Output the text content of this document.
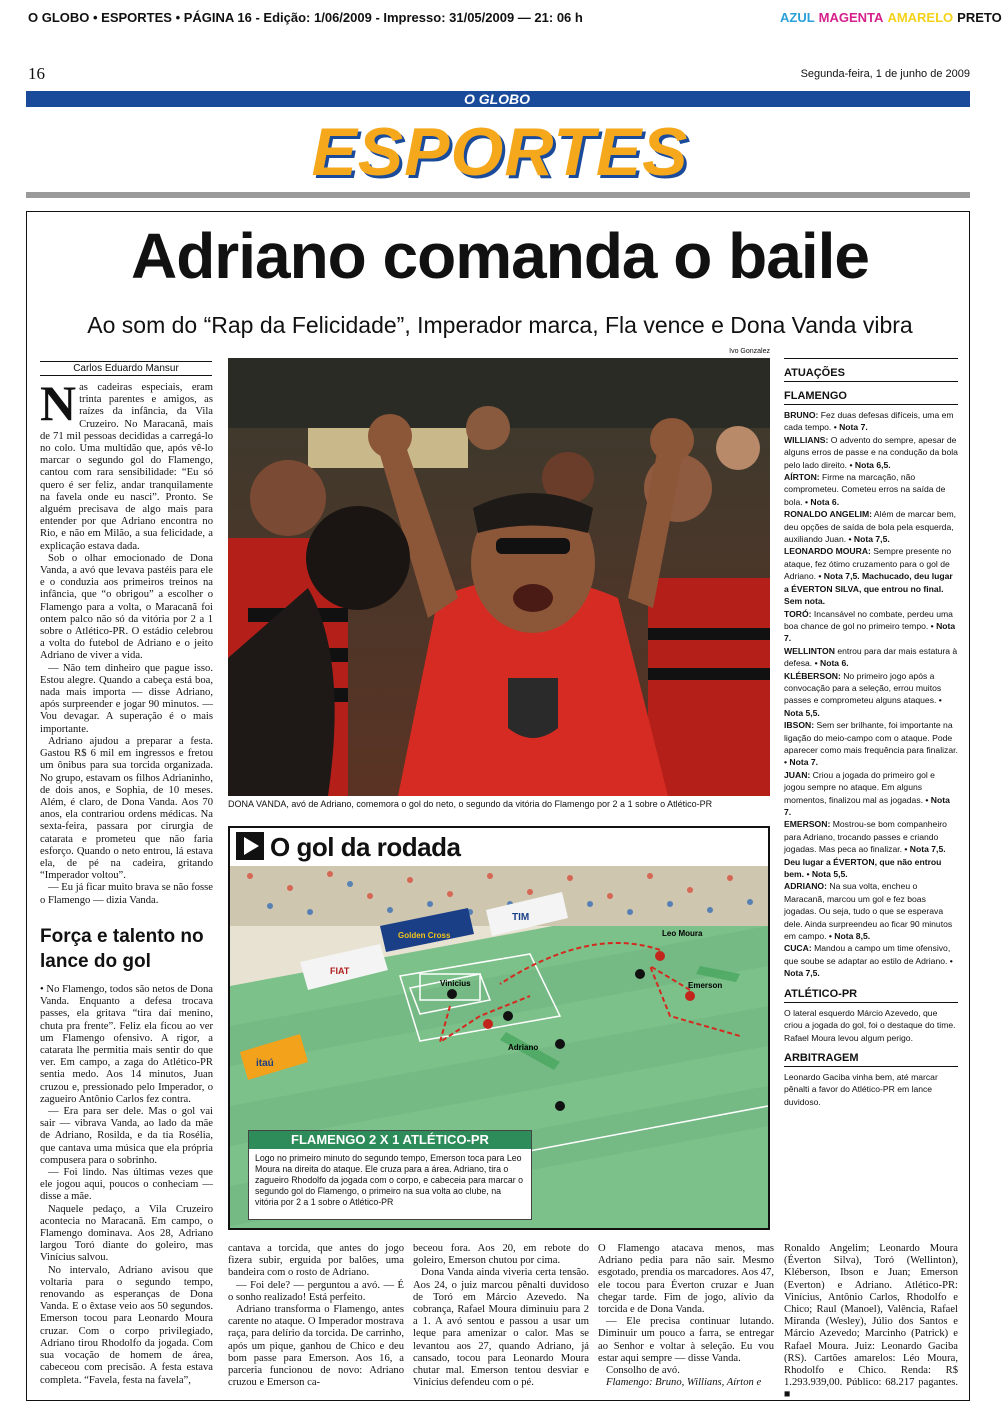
O GLOBO • ESPORTES • PÁGINA 16 - Edição: 1/06/2009 - Impresso: 31/05/2009 — 21: 06 h	AZUL MAGENTA AMARELO PRETO
16	Segunda-feira, 1 de junho de 2009
O GLOBO
ESPORTES
Adriano comanda o baile
Ao som do “Rap da Felicidade”, Imperador marca, Fla vence e Dona Vanda vibra
Ivo Gonzalez
DONA VANDA, avó de Adriano, comemora o gol do neto, o segundo da vitória do Flamengo por 2 a 1 sobre o Atlético-PR
Carlos Eduardo Mansur

Nas cadeiras especiais, eram trinta parentes e amigos, as raízes da infância, da Vila Cruzeiro. No Maracanã, mais de 71 mil pessoas decididas a carregá-lo no colo. Uma multidão que, após vê-lo marcar o segundo gol do Flamengo, cantou com rara sensibilidade: “Eu só quero é ser feliz, andar tranquilamente na favela onde eu nasci”. Pronto. Se alguém precisava de algo mais para entender por que Adriano encontra no Rio, e não em Milão, a sua felicidade, a explicação estava dada.

Sob o olhar emocionado de Dona Vanda, a avó que levava pastéis para ele e o conduzia aos primeiros treinos na infância, que “o obrigou” a escolher o Flamengo para a volta, o Maracanã foi ontem palco não só da vitória por 2 a 1 sobre o Atlético-PR. O estádio celebrou a volta do futebol de Adriano e o jeito Adriano de viver a vida.

— Não tem dinheiro que pague isso. Estou alegre. Quando a cabeça está boa, nada mais importa — disse Adriano, após surpreender e jogar 90 minutos. — Vou devagar. A superação é o mais importante.

Adriano ajudou a preparar a festa. Gastou R$ 6 mil em ingressos e fretou um ônibus para sua torcida organizada. No grupo, estavam os filhos Adrianinho, de dois anos, e Sophia, de 10 meses. Além, é claro, de Dona Vanda. Aos 70 anos, ela contrariou ordens médicas. Na sexta-feira, passara por cirurgia de catarata e prometeu que não faria esforço. Quando o neto entrou, lá estava ela, de pé na cadeira, gritando “Imperador voltou”.

— Eu já ficar muito brava se não fosse o Flamengo — dizia Vanda.

Força e talento no lance do gol

• No Flamengo, todos são netos de Dona Vanda. Enquanto a defesa trocava passes, ela gritava “tira daí menino, chuta pra frente”. Feliz ela ficou ao ver um Flamengo ofensivo. A rigor, a catarata lhe permitia mais sentir do que ver. Em campo, a zaga do Atlético-PR sentia medo. Aos 14 minutos, Juan cruzou e, pressionado pelo Imperador, o zagueiro Antônio Carlos fez contra.

— Era para ser dele. Mas o gol vai sair — vibrava Vanda, ao lado da mãe de Adriano, Rosilda, e da tia Rosélia, que cantava uma música que ela própria compusera para o sobrinho.

— Foi lindo. Nas últimas vezes que ele jogou aqui, poucos o conheciam — disse a mãe.

Naquele pedaço, a Vila Cruzeiro acontecia no Maracanã. Em campo, o Flamengo dominava. Aos 28, Adriano largou Toró diante do goleiro, mas Vinícius salvou.

No intervalo, Adriano avisou que voltaria para o segundo tempo, renovando as esperanças de Dona Vanda. E o êxtase veio aos 50 segundos. Emerson tocou para Leonardo Moura cruzar. Com o corpo privilegiado, Adriano tirou Rhodolfo da jogada. Com sua vocação de homem de área, cabeceou com precisão. A festa estava completa. “Favela, festa na favela”,

cantava a torcida, que antes do jogo fizera subir, erguida por balões, uma bandeira com o rosto de Adriano.

— Foi dele? — perguntou a avó. — É o sonho realizado! Está perfeito.

Adriano transforma o Flamengo, antes carente no ataque. O Imperador mostrava raça, para delírio da torcida. De carrinho, após um pique, ganhou de Chico e deu bom passe para Emerson. Aos 16, a parceria funcionou de novo: Adriano cruzou e Emerson ca-

beceou fora. Aos 20, em rebote do goleiro, Emerson chutou por cima.

Dona Vanda ainda viveria certa tensão. Aos 24, o juiz marcou pênalti duvidoso de Toró em Márcio Azevedo. Na cobrança, Rafael Moura diminuiu para 2 a 1. A avó sentou e passou a usar um leque para amenizar o calor. Mas se levantou aos 27, quando Adriano, já cansado, tocou para Leonardo Moura chutar mal. Emerson tentou desviar e Vinícius defendeu com o pé.

O Flamengo atacava menos, mas Adriano pedia para não sair. Mesmo esgotado, prendia os marcadores. Aos 47, ele tocou para Éverton cruzar e Juan chegar tarde. Fim de jogo, alívio da torcida e de Dona Vanda.

— Ele precisa continuar lutando. Diminuir um pouco a farra, se entregar ao Senhor e voltar à seleção. Eu vou estar aqui sempre — disse Vanda.

Consolho de avó.

Flamengo: Bruno, Willians, Aírton e

Ronaldo Angelim; Leonardo Moura (Éverton Silva), Toró (Wellinton), Kléberson, Ibson e Juan; Emerson (Everton) e Adriano. Atlético-PR: Vinícius, Antônio Carlos, Rhodolfo e Chico; Raul (Manoel), Valência, Rafael Miranda (Wesley), Júlio dos Santos e Márcio Azevedo; Marcinho (Patrick) e Rafael Moura. Juiz: Leonardo Gaciba (RS). Cartões amarelos: Léo Moura, Rhodolfo e Chico. Renda: R$ 1.293.939,00. Público: 68.217 pagantes. ■

ATUAÇÕES
FLAMENGO
BRUNO: Fez duas defesas difíceis, uma em cada tempo. • Nota 7.
WILLIANS: O advento do sempre, apesar de alguns erros de passe e na condução da bola pelo lado direito. • Nota 6,5.
AÍRTON: Firme na marcação, não comprometeu. Cometeu erros na saída de bola. • Nota 6.
RONALDO ANGELIM: Além de marcar bem, deu opções de saída de bola pela esquerda, auxiliando Juan. • Nota 7,5.
LEONARDO MOURA: Sempre presente no ataque, fez ótimo cruzamento para o gol de Adriano. • Nota 7,5. Machucado, deu lugar a ÉVERTON SILVA, que entrou no final. Sem nota.
TORÓ: Incansável no combate, perdeu uma boa chance de gol no primeiro tempo. • Nota 7.
WELLINTON entrou para dar mais estatura à defesa. • Nota 6.
KLÉBERSON: No primeiro jogo após a convocação para a seleção, errou muitos passes e comprometeu alguns ataques. • Nota 5,5.
IBSON: Sem ser brilhante, foi importante na ligação do meio-campo com o ataque. Pode aparecer como mais frequência para finalizar. • Nota 7.
JUAN: Criou a jogada do primeiro gol e jogou sempre no ataque. Em alguns momentos, finalizou mal as jogadas. • Nota 7.
EMERSON: Mostrou-se bom companheiro para Adriano, trocando passes e criando jogadas. Mas peca ao finalizar. • Nota 7,5. Deu lugar a ÉVERTON, que não entrou bem. • Nota 5,5.
ADRIANO: Na sua volta, encheu o Maracanã, marcou um gol e fez boas jogadas. Ou seja, tudo o que se esperava dele. Ainda surpreendeu ao ficar 90 minutos em campo. • Nota 8,5.
CUCA: Mandou a campo um time ofensivo, que soube se adaptar ao estilo de Adriano. • Nota 7,5.
ATLÉTICO-PR
O lateral esquerdo Márcio Azevedo, que criou a jogada do gol, foi o destaque do time. Rafael Moura levou algum perigo.
ARBITRAGEM
Leonardo Gaciba vinha bem, até marcar pênalti a favor do Atlético-PR em lance duvidoso.
O gol da rodada
itaú
FIAT
Golden Cross
TIM
Vinicius
Adriano
Leo Moura
Emerson
FLAMENGO 2 X 1 ATLÉTICO-PR
Logo no primeiro minuto do segundo tempo, Emerson toca para Leo Moura na direita do ataque. Ele cruza para a área. Adriano, tira o zagueiro Rhodolfo da jogada com o corpo, e cabeceia para marcar o segundo gol do Flamengo, o primeiro na sua volta ao clube, na vitória por 2 a 1 sobre o Atlético-PR
